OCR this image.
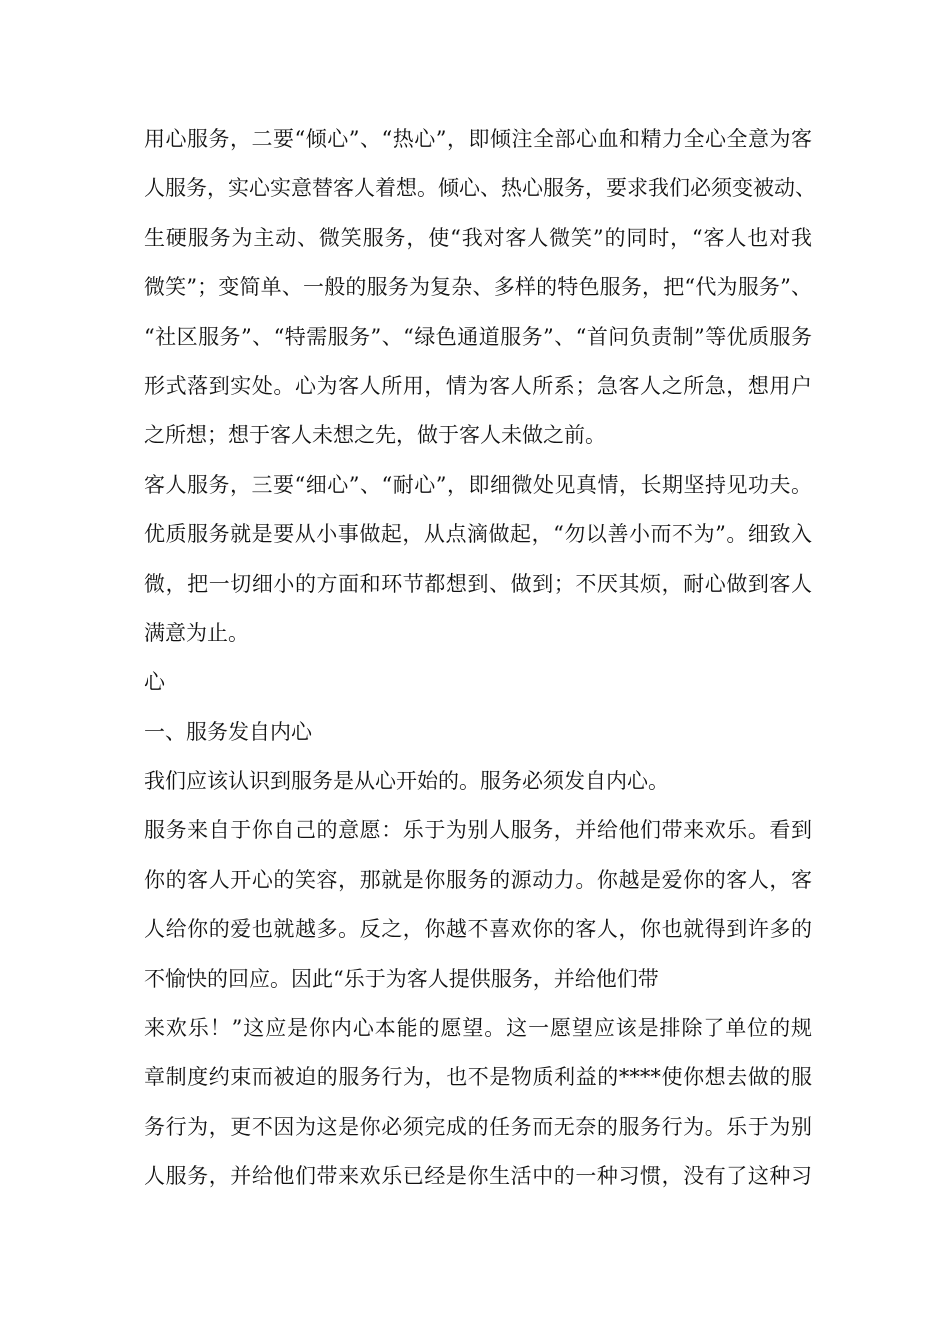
用心服务，二要“倾心”、“热心”，即倾注全部心血和精力全心全意为客
人服务，实心实意替客人着想。倾心、热心服务，要求我们必须变被动、
生硬服务为主动、微笑服务，使“我对客人微笑”的同时，“客人也对我
微笑”；变简单、一般的服务为复杂、多样的特色服务，把“代为服务”、
“社区服务”、“特需服务”、“绿色通道服务”、“首问负责制”等优质服务
形式落到实处。心为客人所用，情为客人所系；急客人之所急，想用户
之所想；想于客人未想之先，做于客人未做之前。
客人服务，三要“细心”、“耐心”，即细微处见真情，长期坚持见功夫。
优质服务就是要从小事做起，从点滴做起，“勿以善小而不为”。细致入
微，把一切细小的方面和环节都想到、做到；不厌其烦，耐心做到客人
满意为止。
心
一、服务发自内心
我们应该认识到服务是从心开始的。服务必须发自内心。
服务来自于你自己的意愿：乐于为别人服务，并给他们带来欢乐。看到
你的客人开心的笑容，那就是你服务的源动力。你越是爱你的客人，客
人给你的爱也就越多。反之，你越不喜欢你的客人，你也就得到许多的
不愉快的回应。因此“乐于为客人提供服务，并给他们带
来欢乐！”这应是你内心本能的愿望。这一愿望应该是排除了单位的规
章制度约束而被迫的服务行为，也不是物质利益的****使你想去做的服
务行为，更不因为这是你必须完成的任务而无奈的服务行为。乐于为别
人服务，并给他们带来欢乐已经是你生活中的一种习惯，没有了这种习
